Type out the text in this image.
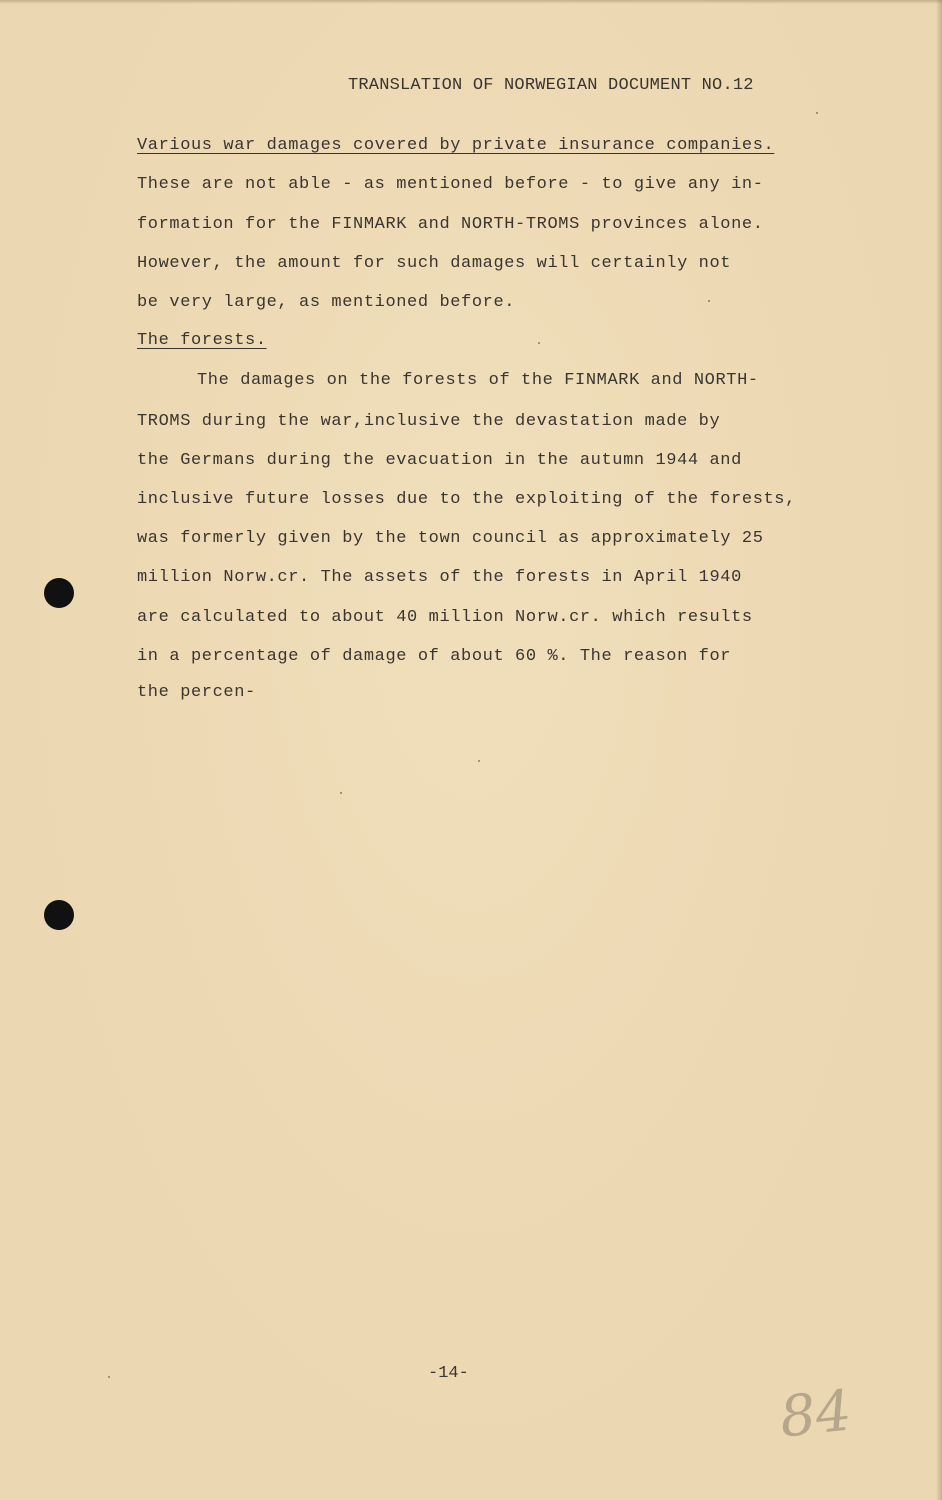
TRANSLATION OF NORWEGIAN DOCUMENT NO.12
Various war damages covered by private insurance companies.
These are not able - as mentioned before - to give any in-
formation for the FINMARK and NORTH-TROMS provinces alone.
However, the amount for such damages will certainly not
be very large, as mentioned before.
The forests.
The damages on the forests of the FINMARK and NORTH-
TROMS during the war,inclusive the devastation made by
the Germans during the evacuation in the autumn 1944 and
inclusive future losses due to the exploiting of the forests,
was formerly given by the town council as approximately 25
million Norw.cr. The assets of the forests in April 1940
are calculated to about 40 million Norw.cr. which results
in a percentage of damage of about 60 %. The reason for
the percen-
-14-
84
